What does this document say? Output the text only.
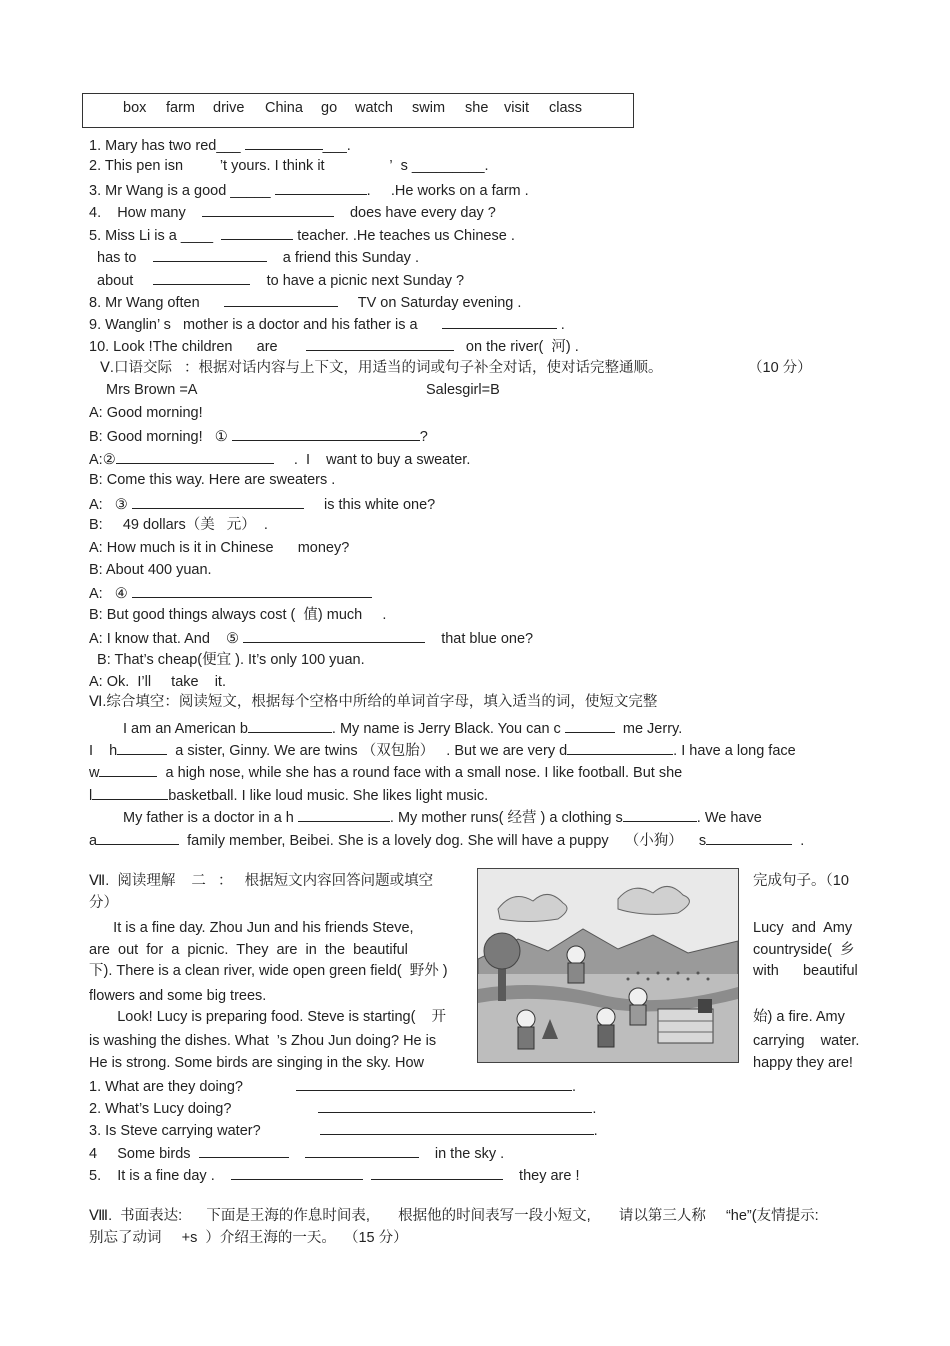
box farm drive China go watch swim she visit class
1. Mary has two red___	___.
2. This pen isn	’t yours. I think it	’ s _________.
3. Mr Wang is a good _____	. .He works on a farm .
4.    How many	does have every day ?
5. Miss Li is a ____	teacher. .He teaches us Chinese .
has to	a friend this Sunday .
about	to have a picnic next Sunday ?
8. Mr Wang often	TV on Saturday evening .
9. Wanglin’ s mother is a doctor and his father is a	.
10. Look !The children are	on the river(  河) .
Ⅴ.口语交际   ：根据对话内容与上下文，用适当的词或句子补全对话，使对话完整通顺。	（10 分）
Mrs Brown =A	Salesgirl=B
A: Good morning!
B: Good morning!   ①	?
A:②	.  I    want to buy a sweater.
B: Come this way. Here are sweaters .
A:   ③	is this white one?
B:     49 dollars（美   元）  .
A: How much is it in Chinese      money?
B: About 400 yuan.
A:   ④
B: But good things always cost (  值) much     .
A: I know that. And    ⑤	that blue one?
B: That’s cheap(便宜 ). It’s only 100 yuan.
A: Ok.  I’ll     take    it.
Ⅵ.综合填空：阅读短文，根据每个空格中所给的单词首字母，填入适当的词，使短文完整
I am an American b	. My name is Jerry Black. You can c	me Jerry.
I    h	a sister, Ginny. We are twins （双包胎）   . But we are very d	. I have a long face
w	a high nose, while she has a round face with a small nose. I like football. But she
l	basketball. I like loud music. She likes light music.
My father is a doctor in a h	. My mother runs( 经营 ) a clothing s	. We have
a	family member, Beibei. She is a lovely dog. She will have a puppy    （小狗）    s	.
Ⅶ.  阅读理解    二   ：   根据短文内容回答问题或填空	完成句子。（10
分）
It is a fine day. Zhou Jun and his friends Steve,
are  out  for  a  picnic.  They  are  in  the  beautiful
下). There is a clean river, wide open green field(  野外 )
flowers and some big trees.
Look! Lucy is preparing food. Steve is starting(    开
is washing the dishes. What  ’s Zhou Jun doing? He is
He is strong. Some birds are singing in the sky. How
Lucy  and  Amy
countryside(  乡
with      beautiful
始) a fire. Amy
carrying    water.
happy they are!
1. What are they doing?	.
2. What’s Lucy doing?	.
3. Is Steve carrying water?	.
4     Some birds	in the sky .
5.    It is a fine day .	they are !
Ⅷ.  书面表达:      下面是王海的作息时间表,       根据他的时间表写一段小短文,       请以第三人称     “he”(友情提示:
别忘了动词     +s  ）介绍王海的一天。  （15 分）
